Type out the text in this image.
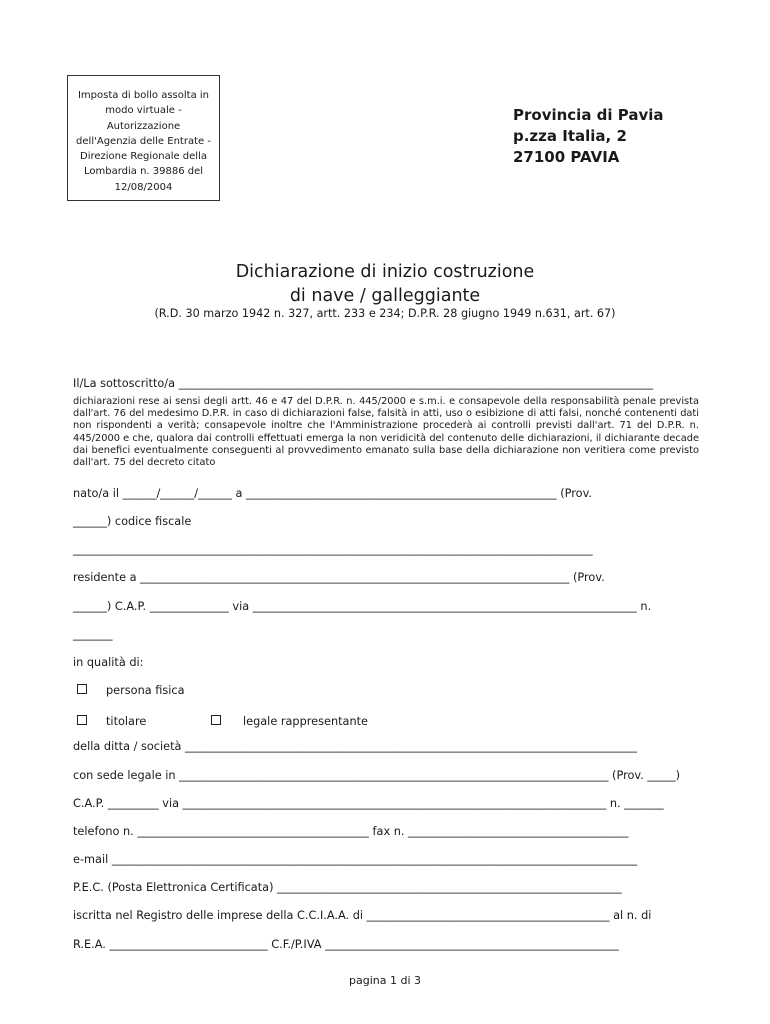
Imposta di bollo assolta in
modo virtuale -
Autorizzazione
dell'Agenzia delle Entrate -
Direzione Regionale della
Lombardia n. 39886 del
12/08/2004
Provincia di Pavia
p.zza Italia, 2
27100 PAVIA
Dichiarazione di inizio costruzione
di nave / galleggiante
(R.D. 30 marzo 1942 n. 327, artt. 233 e 234; D.P.R. 28 giugno 1949 n.631, art. 67)
Il/La sottoscritto/a ____________________________________________________________________________________
dichiarazioni rese ai sensi degli artt. 46 e 47 del D.P.R. n. 445/2000 e s.m.i. e consapevole della responsabilità penale prevista dall'art. 76 del medesimo D.P.R. in caso di dichiarazioni false, falsità in atti, uso o esibizione di atti falsi, nonché contenenti dati non rispondenti a verità; consapevole inoltre che l'Amministrazione procederà ai controlli previsti dall'art. 71 del D.P.R. n. 445/2000 e che, qualora dai controlli effettuati emerga la non veridicità del contenuto delle dichiarazioni, il dichiarante decade dai benefici eventualmente conseguenti al provvedimento emanato sulla base della dichiarazione non veritiera come previsto dall'art. 75 del decreto citato
nato/a il ______/______/______ a _______________________________________________________ (Prov.
______) codice fiscale
____________________________________________________________________________________________
residente a ____________________________________________________________________________ (Prov.
______) C.A.P. ______________ via ____________________________________________________________________ n.
_______
in qualità di:
persona fisica
titolare	legale rappresentante
della ditta / società ________________________________________________________________________________
con sede legale in ____________________________________________________________________________ (Prov. _____)
C.A.P. _________ via ___________________________________________________________________________ n. _______
telefono n. _________________________________________ fax n. _______________________________________
e-mail _____________________________________________________________________________________________
P.E.C. (Posta Elettronica Certificata) _____________________________________________________________
iscritta nel Registro delle imprese della C.C.I.A.A. di ___________________________________________ al n. di
R.E.A. ____________________________ C.F./P.IVA ____________________________________________________
pagina 1 di 3
